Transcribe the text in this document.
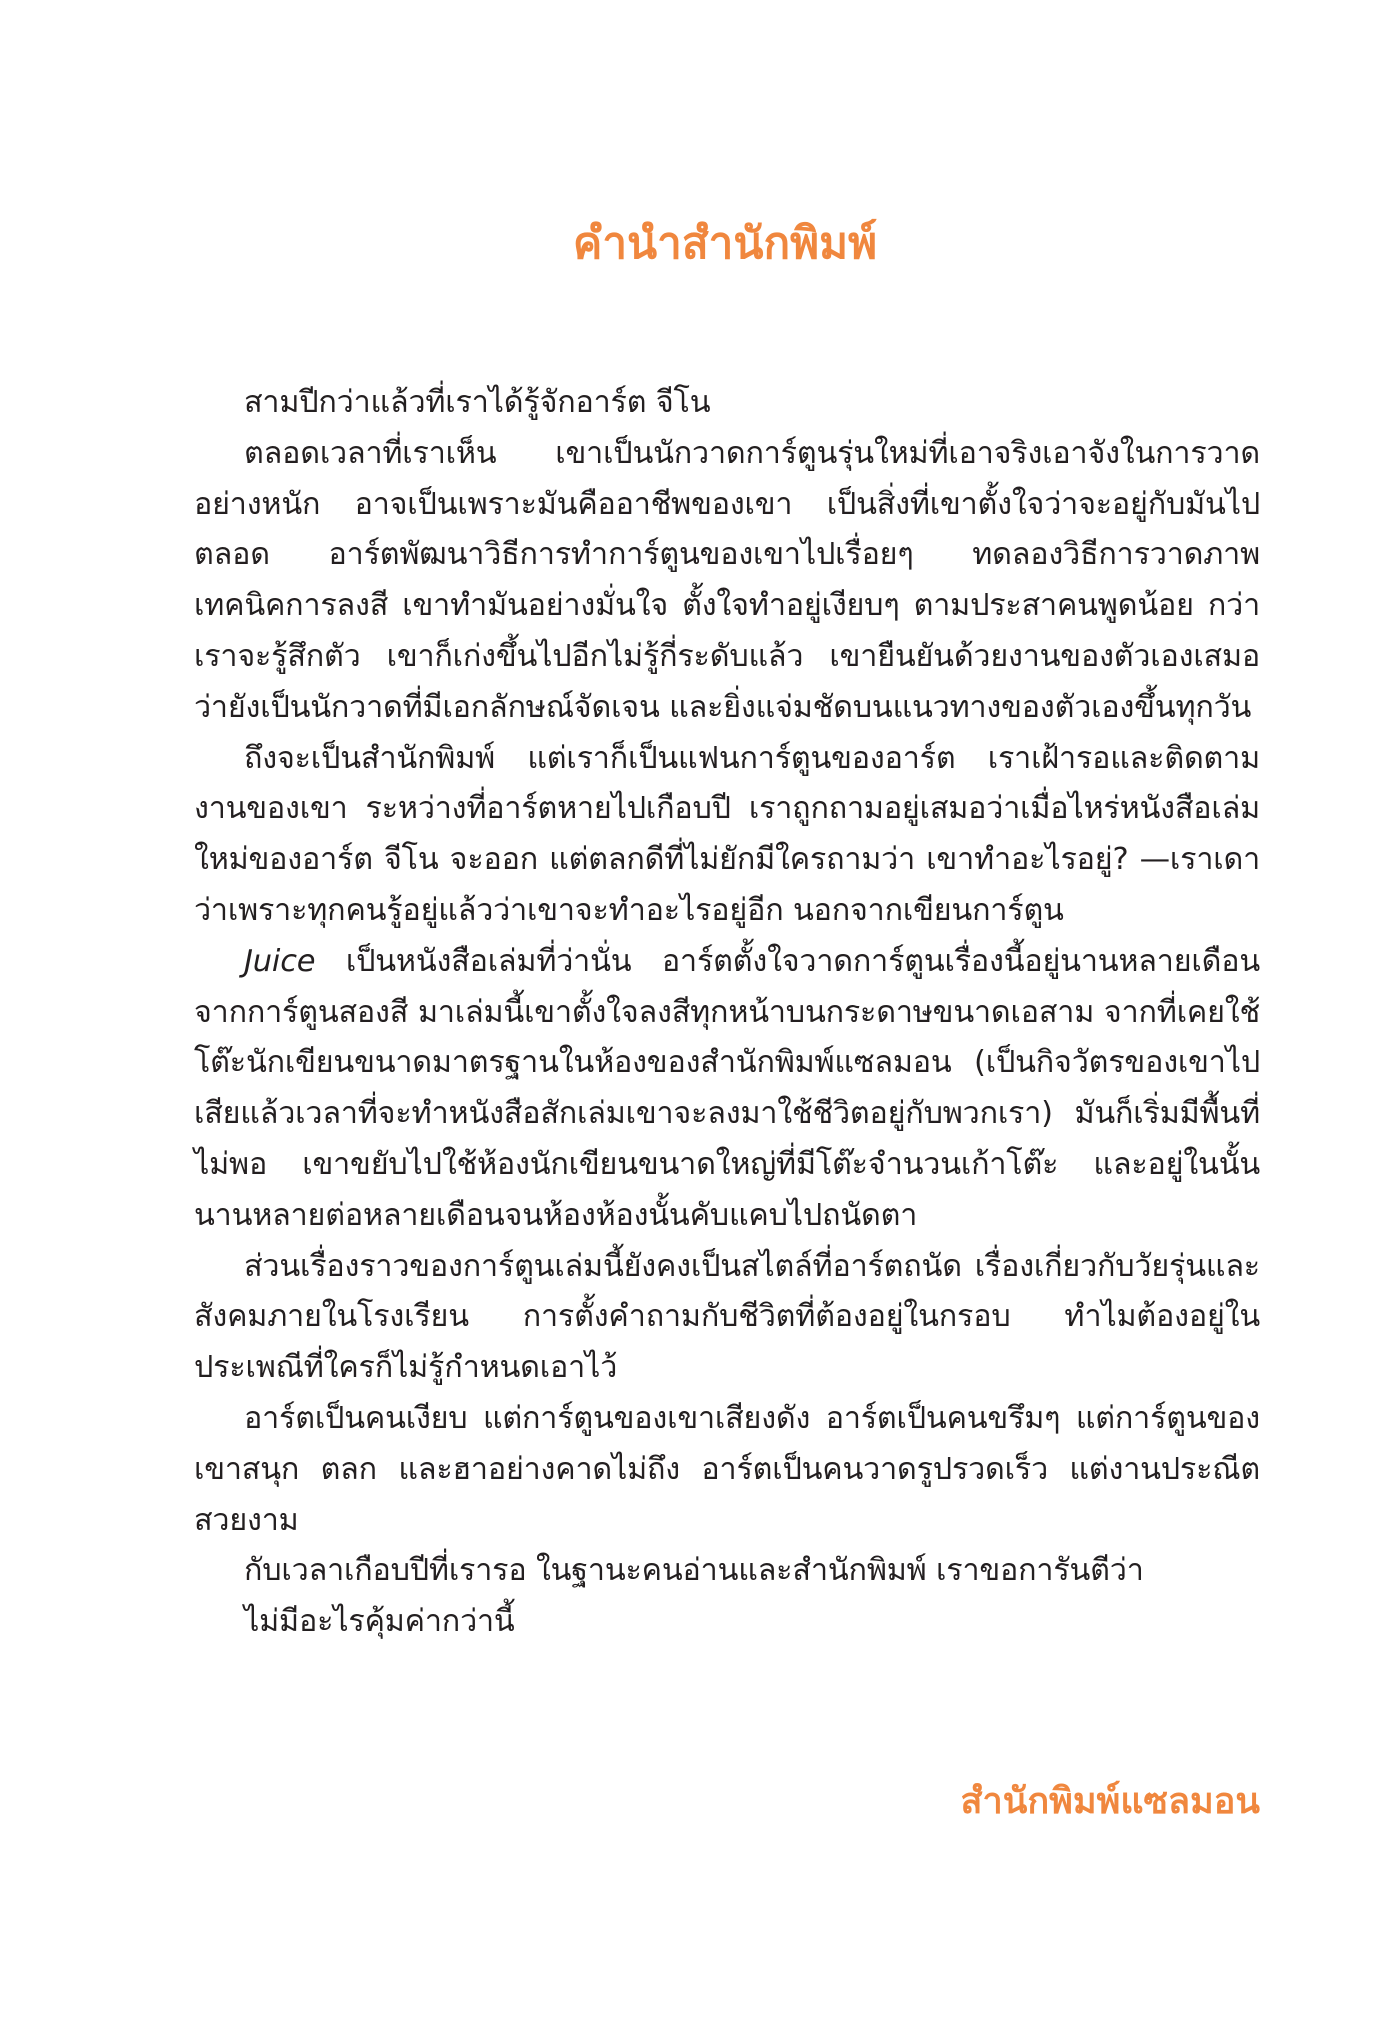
คำนำสำนักพิมพ์

สามปีกว่าแล้วที่เราได้รู้จักอาร์ต จีโน

ตลอดเวลาที่เราเห็น เขาเป็นนักวาดการ์ตูนรุ่นใหม่ที่เอาจริงเอาจังในการวาดอย่างหนัก อาจเป็นเพราะมันคืออาชีพของเขา เป็นสิ่งที่เขาตั้งใจว่าจะอยู่กับมันไปตลอด อาร์ตพัฒนาวิธีการทำการ์ตูนของเขาไปเรื่อยๆ ทดลองวิธีการวาดภาพ เทคนิคการลงสี เขาทำมันอย่างมั่นใจ ตั้งใจทำอยู่เงียบๆ ตามประสาคนพูดน้อย กว่าเราจะรู้สึกตัว เขาก็เก่งขึ้นไปอีกไม่รู้กี่ระดับแล้ว เขายืนยันด้วยงานของตัวเองเสมอว่ายังเป็นนักวาดที่มีเอกลักษณ์จัดเจน และยิ่งแจ่มชัดบนแนวทางของตัวเองขึ้นทุกวัน

ถึงจะเป็นสำนักพิมพ์ แต่เราก็เป็นแฟนการ์ตูนของอาร์ต เราเฝ้ารอและติดตามงานของเขา ระหว่างที่อาร์ตหายไปเกือบปี เราถูกถามอยู่เสมอว่าเมื่อไหร่หนังสือเล่มใหม่ของอาร์ต จีโน จะออก แต่ตลกดีที่ไม่ยักมีใครถามว่า เขาทำอะไรอยู่? —เราเดาว่าเพราะทุกคนรู้อยู่แล้วว่าเขาจะทำอะไรอยู่อีก นอกจากเขียนการ์ตูน

Juice เป็นหนังสือเล่มที่ว่านั่น อาร์ตตั้งใจวาดการ์ตูนเรื่องนี้อยู่นานหลายเดือน จากการ์ตูนสองสี มาเล่มนี้เขาตั้งใจลงสีทุกหน้าบนกระดาษขนาดเอสาม จากที่เคยใช้โต๊ะนักเขียนขนาดมาตรฐานในห้องของสำนักพิมพ์แซลมอน (เป็นกิจวัตรของเขาไปเสียแล้วเวลาที่จะทำหนังสือสักเล่มเขาจะลงมาใช้ชีวิตอยู่กับพวกเรา) มันก็เริ่มมีพื้นที่ไม่พอ เขาขยับไปใช้ห้องนักเขียนขนาดใหญ่ที่มีโต๊ะจำนวนเก้าโต๊ะ และอยู่ในนั้นนานหลายต่อหลายเดือนจนห้องห้องนั้นคับแคบไปถนัดตา

ส่วนเรื่องราวของการ์ตูนเล่มนี้ยังคงเป็นสไตล์ที่อาร์ตถนัด เรื่องเกี่ยวกับวัยรุ่นและสังคมภายในโรงเรียน การตั้งคำถามกับชีวิตที่ต้องอยู่ในกรอบ ทำไมต้องอยู่ในประเพณีที่ใครก็ไม่รู้กำหนดเอาไว้

อาร์ตเป็นคนเงียบ แต่การ์ตูนของเขาเสียงดัง อาร์ตเป็นคนขรึมๆ แต่การ์ตูนของเขาสนุก ตลก และฮาอย่างคาดไม่ถึง อาร์ตเป็นคนวาดรูปรวดเร็ว แต่งานประณีต สวยงาม

กับเวลาเกือบปีที่เรารอ ในฐานะคนอ่านและสำนักพิมพ์ เราขอการันตีว่า

ไม่มีอะไรคุ้มค่ากว่านี้

สำนักพิมพ์แซลมอน
